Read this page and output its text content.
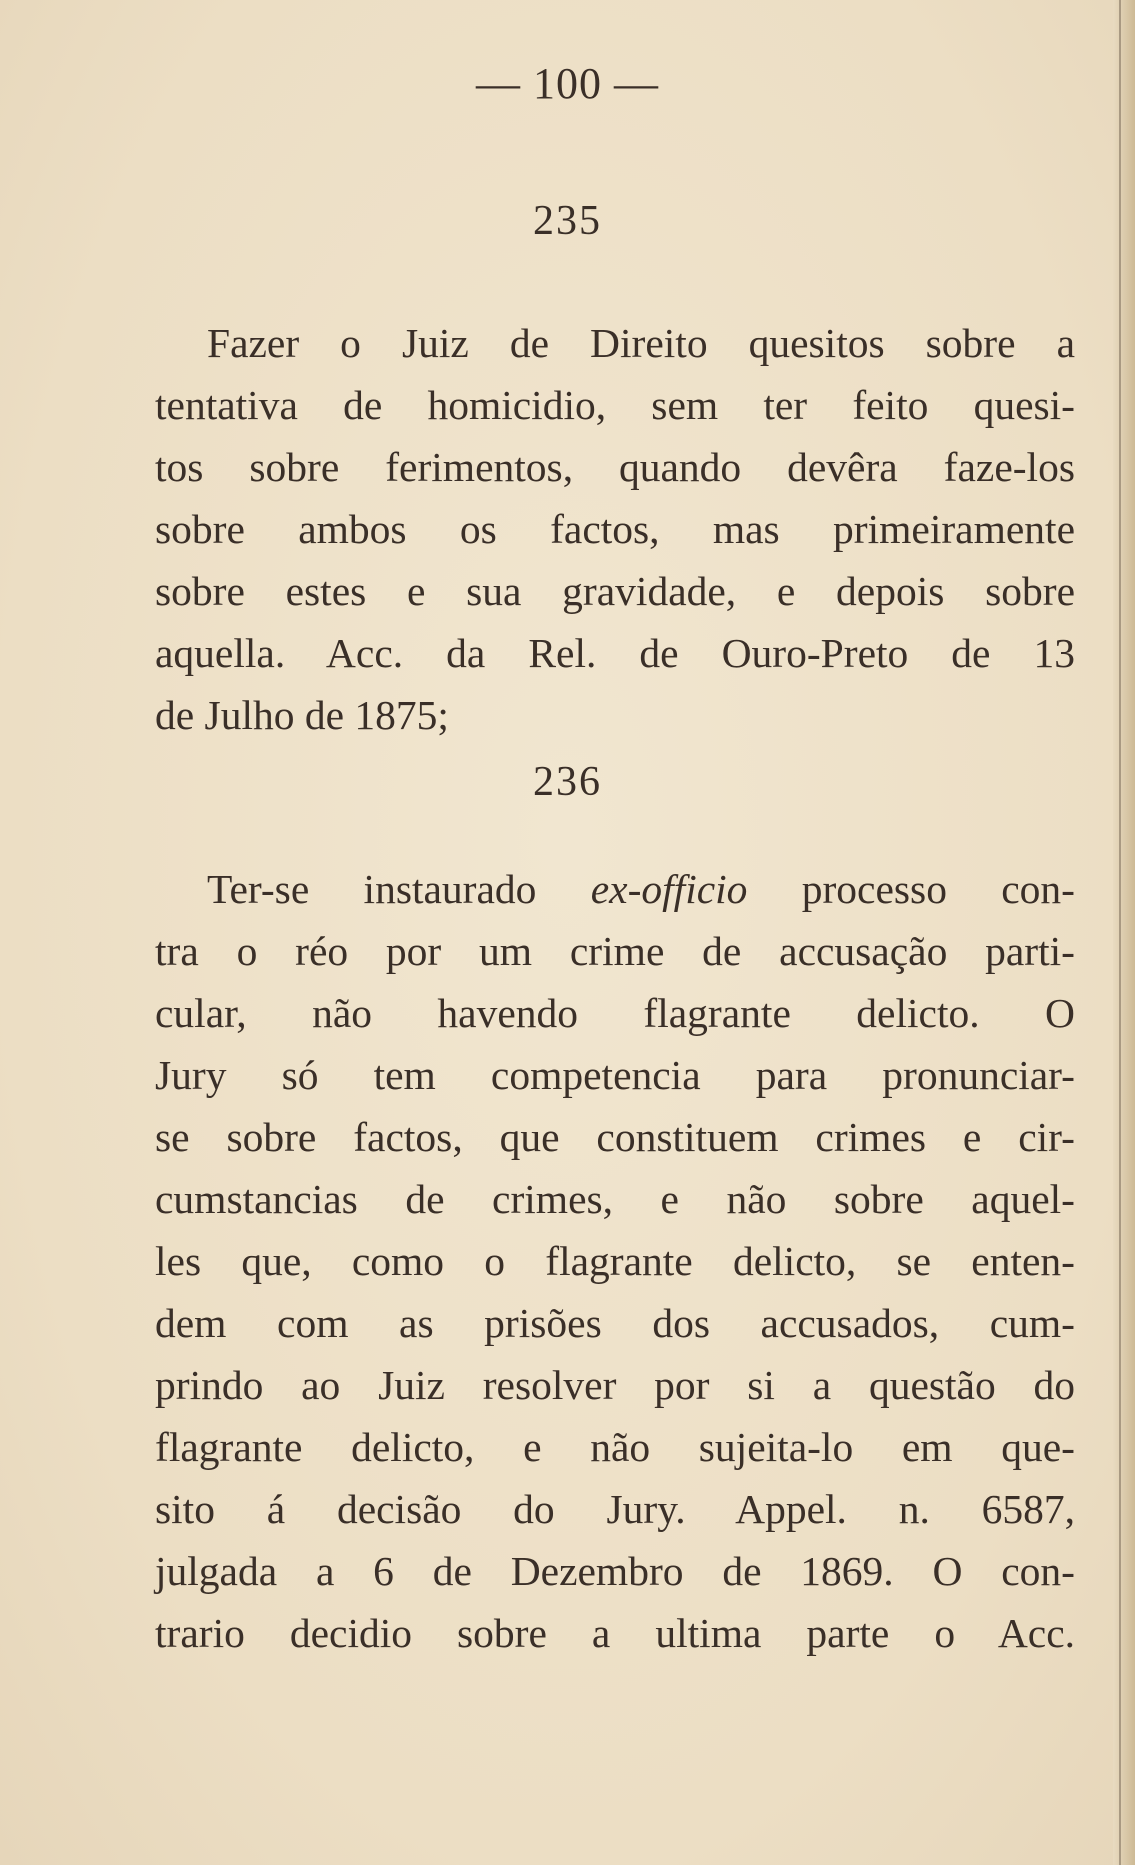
— 100 —
235
Fazer o Juiz de Direito quesitos sobre a
tentativa de homicidio, sem ter feito quesi-
tos sobre ferimentos, quando devêra faze-los
sobre ambos os factos, mas primeiramente
sobre estes e sua gravidade, e depois sobre
aquella. Acc. da Rel. de Ouro-Preto de 13
de Julho de 1875;
236
Ter-se instaurado ex-officio processo con-
tra o réo por um crime de accusação parti-
cular, não havendo flagrante delicto. O
Jury só tem competencia para pronunciar-
se sobre factos, que constituem crimes e cir-
cumstancias de crimes, e não sobre aquel-
les que, como o flagrante delicto, se enten-
dem com as prisões dos accusados, cum-
prindo ao Juiz resolver por si a questão do
flagrante delicto, e não sujeita-lo em que-
sito á decisão do Jury. Appel. n. 6587,
julgada a 6 de Dezembro de 1869. O con-
trario decidio sobre a ultima parte o Acc.
